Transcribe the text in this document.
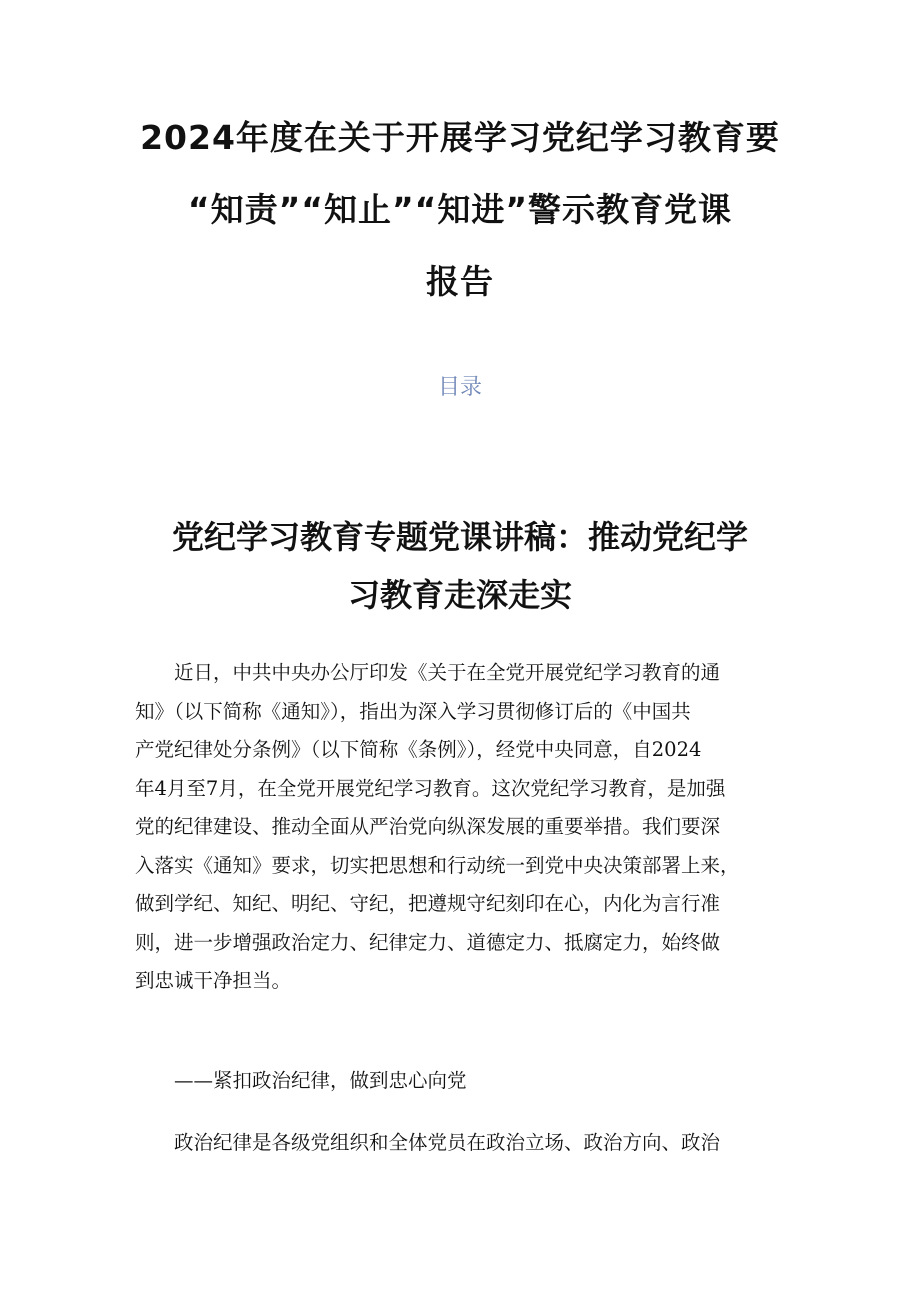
2024年度在关于开展学习党纪学习教育要
“知责”“知止”“知进”警示教育党课
报告
目录
党纪学习教育专题党课讲稿：推动党纪学
习教育走深走实

　　近日，中共中央办公厅印发《关于在全党开展党纪学习教育的通
知》（以下简称《通知》），指出为深入学习贯彻修订后的《中国共
产党纪律处分条例》（以下简称《条例》），经党中央同意，自2024
年4月至7月，在全党开展党纪学习教育。这次党纪学习教育，是加强
党的纪律建设、推动全面从严治党向纵深发展的重要举措。我们要深
入落实《通知》要求，切实把思想和行动统一到党中央决策部署上来，
做到学纪、知纪、明纪、守纪，把遵规守纪刻印在心，内化为言行准
则，进一步增强政治定力、纪律定力、道德定力、抵腐定力，始终做
到忠诚干净担当。

　　——紧扣政治纪律，做到忠心向党

　　政治纪律是各级党组织和全体党员在政治立场、政治方向、政治
